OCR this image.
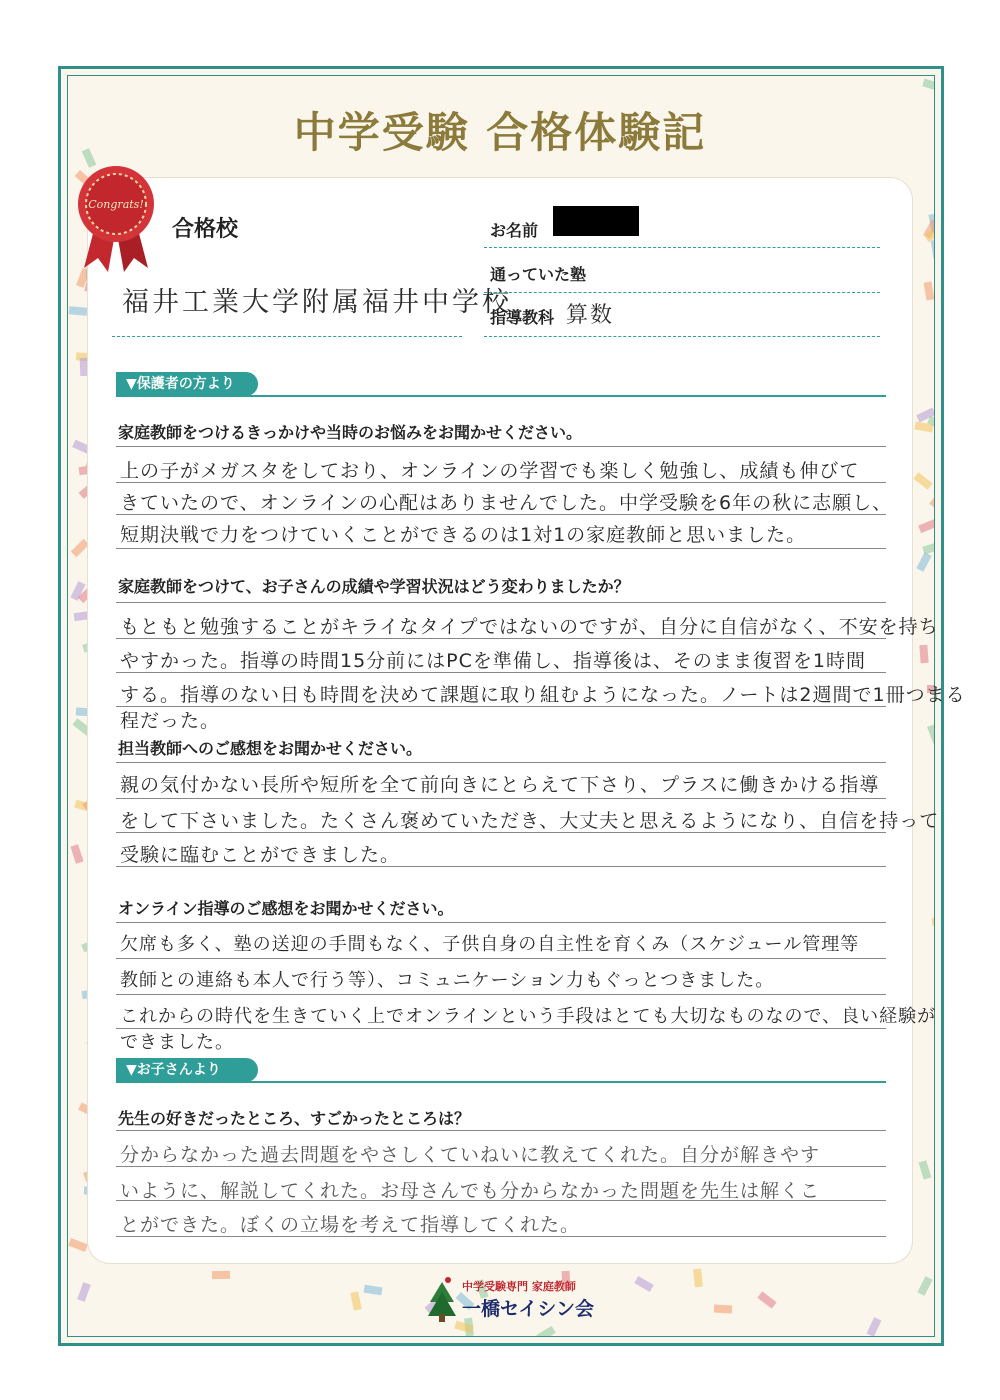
中学受験 合格体験記
Congrats!
合格校
福井工業大学附属福井中学校
お名前
通っていた塾
指導教科 算数
▼保護者の方より
家庭教師をつけるきっかけや当時のお悩みをお聞かせください。
上の子がメガスタをしており、オンラインの学習でも楽しく勉強し、成績も伸びて
きていたので、オンラインの心配はありませんでした。中学受験を6年の秋に志願し、
短期決戦で力をつけていくことができるのは1対1の家庭教師と思いました。
家庭教師をつけて、お子さんの成績や学習状況はどう変わりましたか？
もともと勉強することがキライなタイプではないのですが、自分に自信がなく、不安を持ち
やすかった。指導の時間15分前にはPCを準備し、指導後は、そのまま復習を1時間
する。指導のない日も時間を決めて課題に取り組むようになった。ノートは2週間で1冊つまる
程だった。
担当教師へのご感想をお聞かせください。
親の気付かない長所や短所を全て前向きにとらえて下さり、プラスに働きかける指導
をして下さいました。たくさん褒めていただき、大丈夫と思えるようになり、自信を持って
受験に臨むことができました。
オンライン指導のご感想をお聞かせください。
欠席も多く、塾の送迎の手間もなく、子供自身の自主性を育くみ（スケジュール管理等
教師との連絡も本人で行う等）、コミュニケーション力もぐっとつきました。
これからの時代を生きていく上でオンラインという手段はとても大切なものなので、良い経験が
できました。
▼お子さんより
先生の好きだったところ、すごかったところは？
分からなかった過去問題をやさしくていねいに教えてくれた。自分が解きやす
いように、解説してくれた。お母さんでも分からなかった問題を先生は解くこ
とができた。ぼくの立場を考えて指導してくれた。
中学受験専門 家庭教師
一橋セイシン会
